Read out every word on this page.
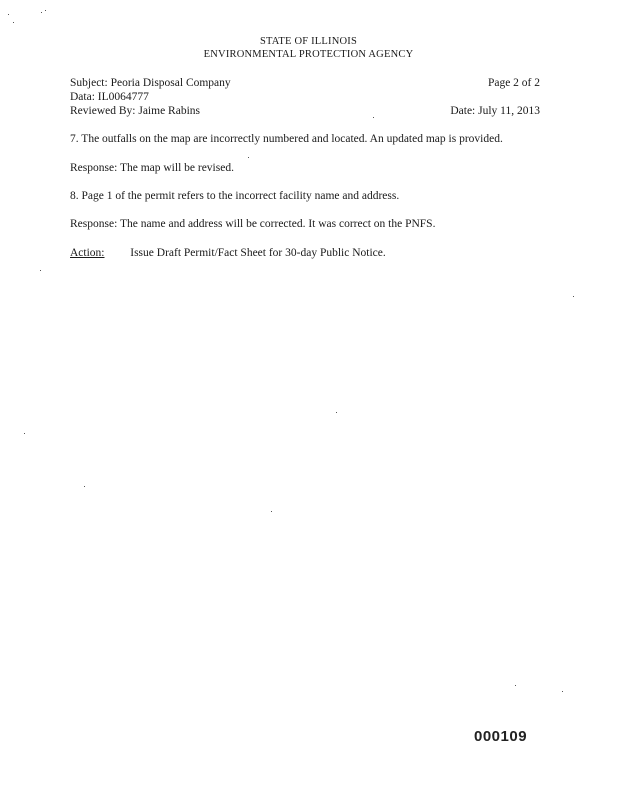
STATE OF ILLINOIS
ENVIRONMENTAL PROTECTION AGENCY
Subject: Peoria Disposal Company	Page 2 of 2
Data: IL0064777
Reviewed By: Jaime Rabins	Date: July 11, 2013
7. The outfalls on the map are incorrectly numbered and located. An updated map is provided.
Response: The map will be revised.
8. Page 1 of the permit refers to the incorrect facility name and address.
Response: The name and address will be corrected. It was correct on the PNFS.
Action: Issue Draft Permit/Fact Sheet for 30-day Public Notice.
000109
